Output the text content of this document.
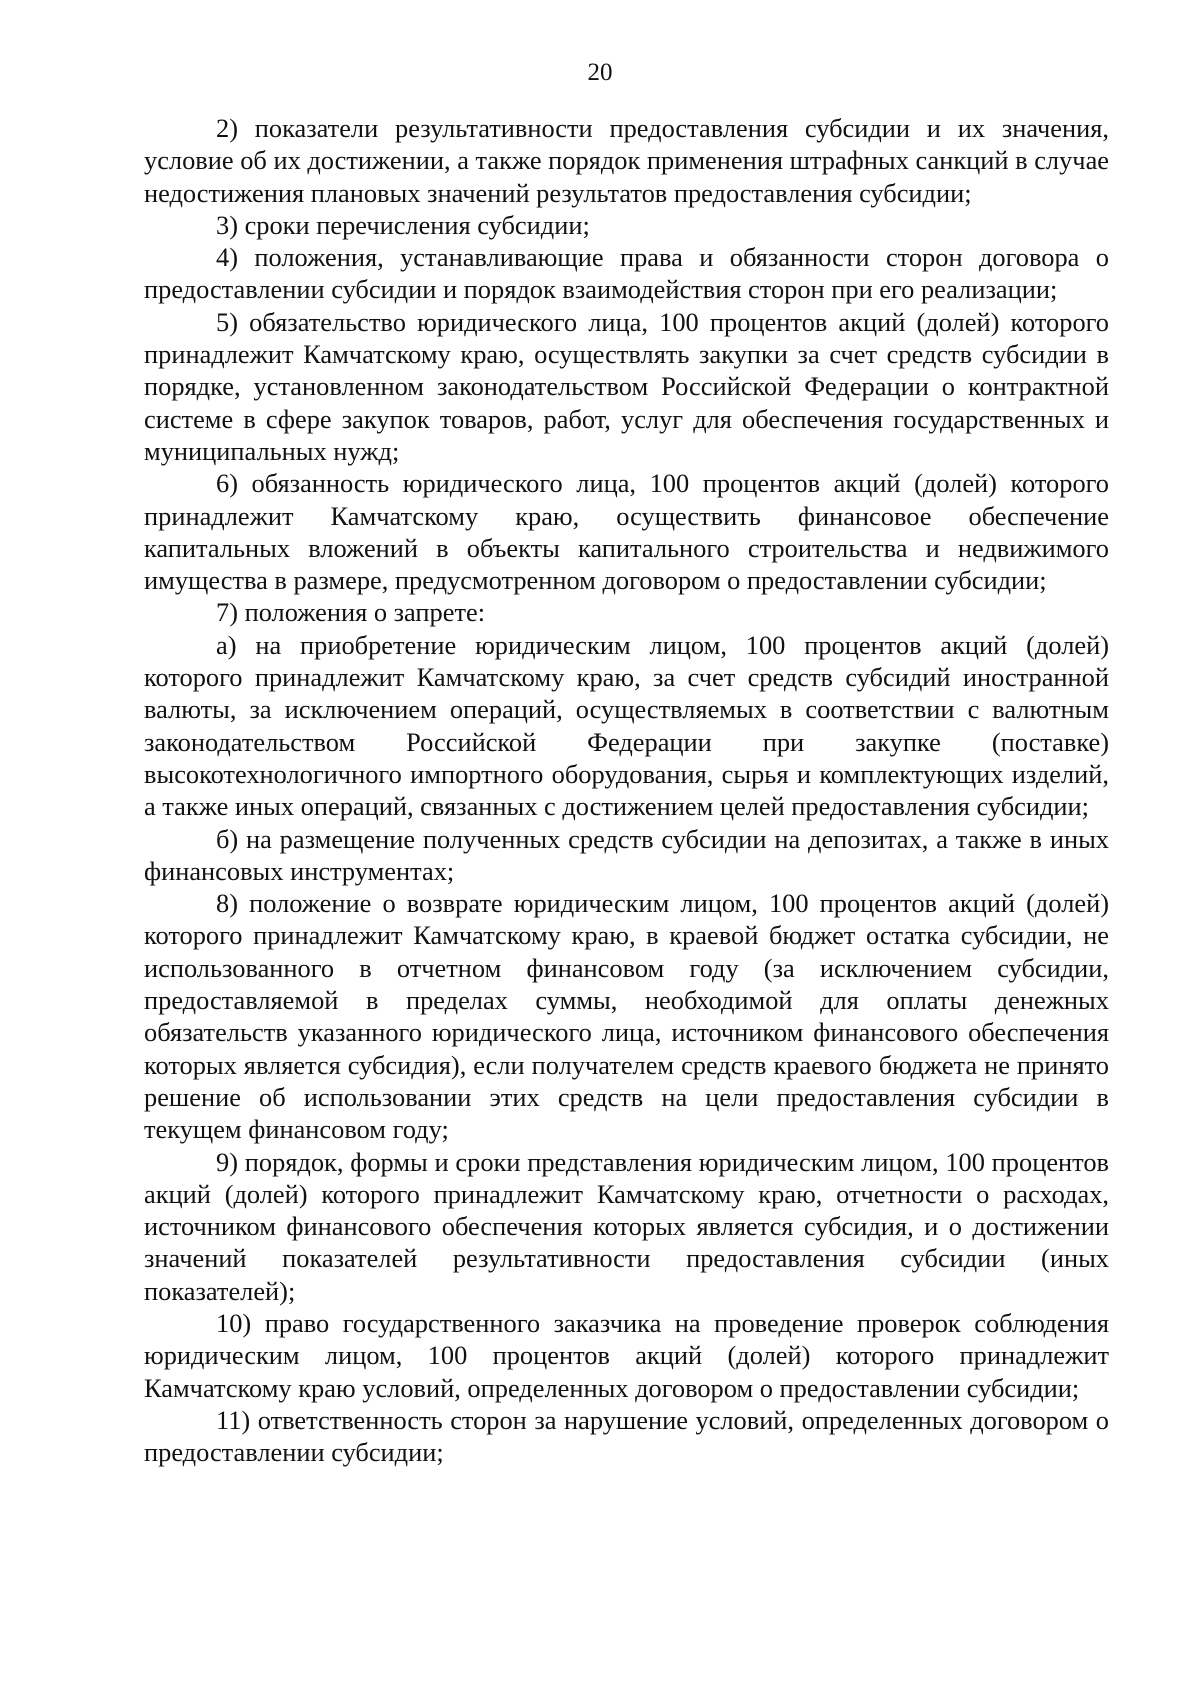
20

2) показатели результативности предоставления субсидии и их значения, условие об их достижении, а также порядок применения штрафных санкций в случае недостижения плановых значений результатов предоставления субсидии;

3) сроки перечисления субсидии;

4) положения, устанавливающие права и обязанности сторон договора о предоставлении субсидии и порядок взаимодействия сторон при его реализации;

5) обязательство юридического лица, 100 процентов акций (долей) которого принадлежит Камчатскому краю, осуществлять закупки за счет средств субсидии в порядке, установленном законодательством Российской Федерации о контрактной системе в сфере закупок товаров, работ, услуг для обеспечения государственных и муниципальных нужд;

6) обязанность юридического лица, 100 процентов акций (долей) которого принадлежит Камчатскому краю, осуществить финансовое обеспечение капитальных вложений в объекты капитального строительства и недвижимого имущества в размере, предусмотренном договором о предоставлении субсидии;

7) положения о запрете:

а) на приобретение юридическим лицом, 100 процентов акций (долей) которого принадлежит Камчатскому краю, за счет средств субсидий иностранной валюты, за исключением операций, осуществляемых в соответствии с валютным законодательством Российской Федерации при закупке (поставке) высокотехнологичного импортного оборудования, сырья и комплектующих изделий, а также иных операций, связанных с достижением целей предоставления субсидии;

б) на размещение полученных средств субсидии на депозитах, а также в иных финансовых инструментах;

8) положение о возврате юридическим лицом, 100 процентов акций (долей) которого принадлежит Камчатскому краю, в краевой бюджет остатка субсидии, не использованного в отчетном финансовом году (за исключением субсидии, предоставляемой в пределах суммы, необходимой для оплаты денежных обязательств указанного юридического лица, источником финансового обеспечения которых является субсидия), если получателем средств краевого бюджета не принято решение об использовании этих средств на цели предоставления субсидии в текущем финансовом году;

9) порядок, формы и сроки представления юридическим лицом, 100 процентов акций (долей) которого принадлежит Камчатскому краю, отчетности о расходах, источником финансового обеспечения которых является субсидия, и о достижении значений показателей результативности предоставления субсидии (иных показателей);

10) право государственного заказчика на проведение проверок соблюдения юридическим лицом, 100 процентов акций (долей) которого принадлежит Камчатскому краю условий, определенных договором о предоставлении субсидии;

11) ответственность сторон за нарушение условий, определенных договором о предоставлении субсидии;
